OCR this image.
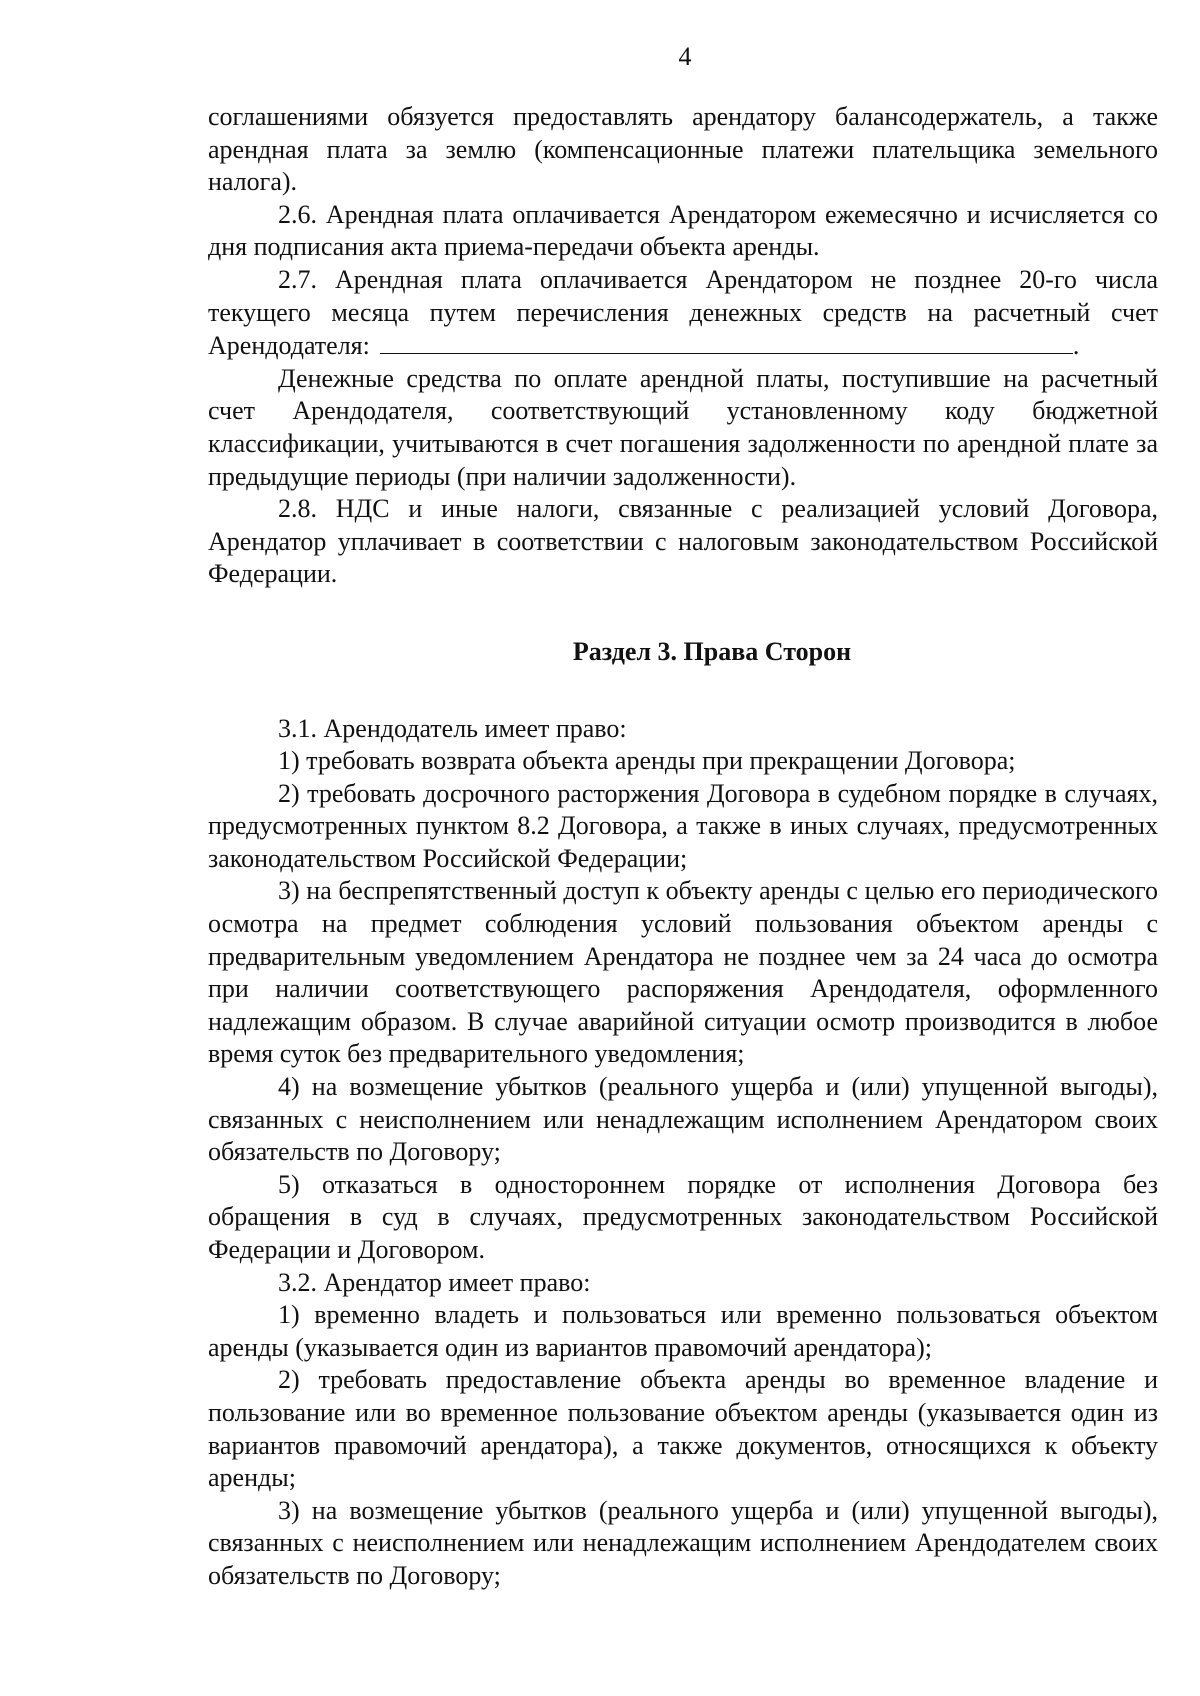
4

соглашениями обязуется предоставлять арендатору балансодержатель, а также арендная плата за землю (компенсационные платежи плательщика земельного налога).

2.6. Арендная плата оплачивается Арендатором ежемесячно и исчисляется со дня подписания акта приема-передачи объекта аренды.

2.7. Арендная плата оплачивается Арендатором не позднее 20-го числа текущего месяца путем перечисления денежных средств на расчетный счет Арендодателя:	.

Денежные средства по оплате арендной платы, поступившие на расчетный счет Арендодателя, соответствующий установленному коду бюджетной классификации, учитываются в счет погашения задолженности по арендной плате за предыдущие периоды (при наличии задолженности).

2.8. НДС и иные налоги, связанные с реализацией условий Договора, Арендатор уплачивает в соответствии с налоговым законодательством Российской Федерации.

Раздел 3. Права Сторон

3.1. Арендодатель имеет право:

1) требовать возврата объекта аренды при прекращении Договора;

2) требовать досрочного расторжения Договора в судебном порядке в случаях, предусмотренных пунктом 8.2 Договора, а также в иных случаях, предусмотренных законодательством Российской Федерации;

3) на беспрепятственный доступ к объекту аренды с целью его периодического осмотра на предмет соблюдения условий пользования объектом аренды с предварительным уведомлением Арендатора не позднее чем за 24 часа до осмотра при наличии соответствующего распоряжения Арендодателя, оформленного надлежащим образом. В случае аварийной ситуации осмотр производится в любое время суток без предварительного уведомления;

4) на возмещение убытков (реального ущерба и (или) упущенной выгоды), связанных с неисполнением или ненадлежащим исполнением Арендатором своих обязательств по Договору;

5) отказаться в одностороннем порядке от исполнения Договора без обращения в суд в случаях, предусмотренных законодательством Российской Федерации и Договором.

3.2. Арендатор имеет право:

1) временно владеть и пользоваться или временно пользоваться объектом аренды (указывается один из вариантов правомочий арендатора);

2) требовать предоставление объекта аренды во временное владение и пользование или во временное пользование объектом аренды (указывается один из вариантов правомочий арендатора), а также документов, относящихся к объекту аренды;

3) на возмещение убытков (реального ущерба и (или) упущенной выгоды), связанных с неисполнением или ненадлежащим исполнением Арендодателем своих обязательств по Договору;
